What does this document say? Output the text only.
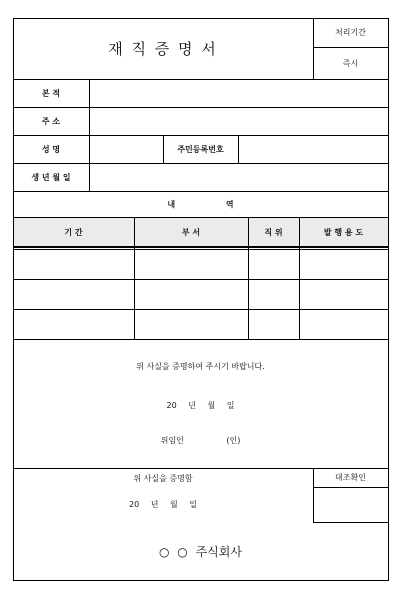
재 직 증 명 서
처리기간
즉시
본 적
주 소
성 명	주민등록번호
생 년 월 일
내 역
기 간	부 서	직 위	발 행 용 도
위 사실을 증명하여 주시기 바랍니다.
20 년 월 일
위임인 (인)
위 사실을 증명함
20 년 월 일
대조확인
○ ○ 주식회사
